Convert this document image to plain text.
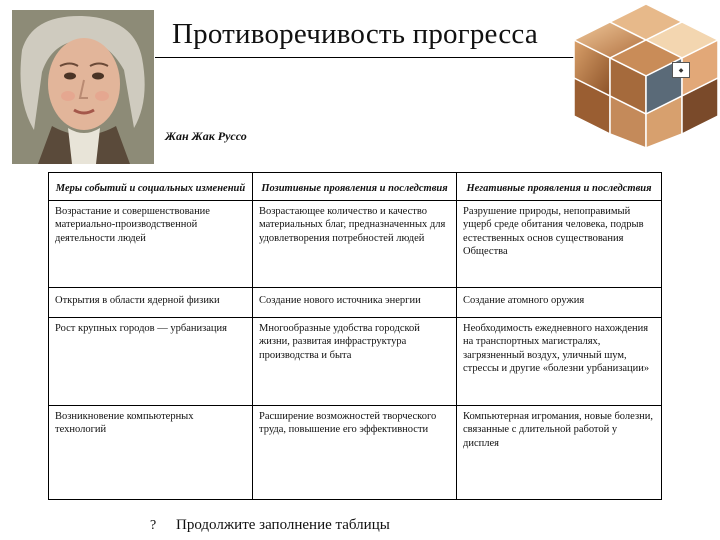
Противоречивость прогресса
◆
Жан Жак Руссо
Меры событий и социальных изменений	Позитивные проявления и последствия	Негативные проявления и последствия
Возрастание и совершенствование материально-производственной деятельности людей	Возрастающее количество и качество материальных благ, предназначенных для удовлетворения потребностей людей	Разрушение природы, непоправимый ущерб среде обитания человека, подрыв естественных основ существования Общества
Открытия в области ядерной физики	Создание нового источника энергии	Создание атомного оружия
Рост крупных городов — урбанизация	Многообразные удобства городской жизни, развитая инфраструктура производства и быта	Необходимость ежедневного нахождения на транспортных магистралях, загрязненный воздух, уличный шум, стрессы и другие «болезни урбанизации»
Возникновение компьютерных технологий	Расширение возможностей творческого труда, повышение его эффективности	Компьютерная игромания, новые болезни, связанные с длительной работой у дисплея
? Продолжите заполнение таблицы
